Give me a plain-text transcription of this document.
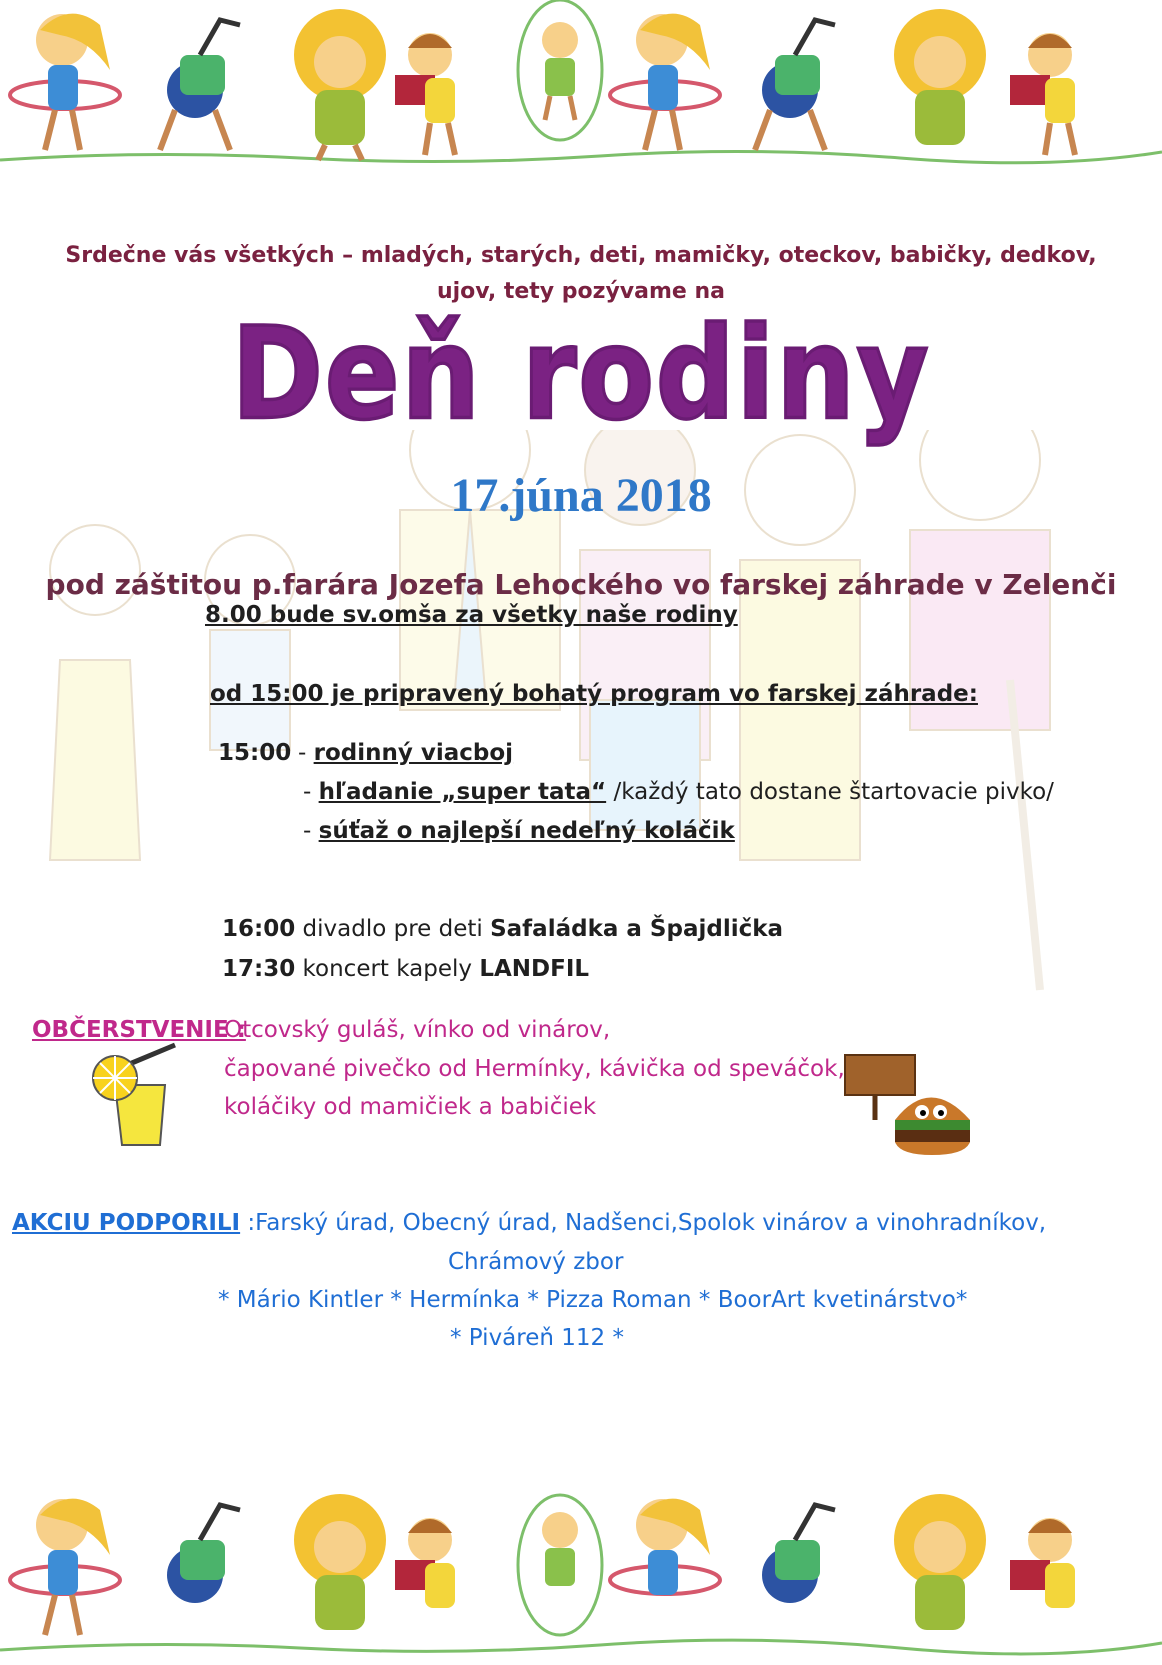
Srdečne vás všetkých – mladých, starých, deti, mamičky, oteckov, babičky, dedkov,
ujov, tety pozývame na
Deň rodiny
17.júna 2018
pod záštitou p.farára Jozefa Lehockého vo farskej záhrade v Zelenči
8.00 bude sv.omša za všetky naše rodiny
od 15:00 je pripravený bohatý program vo farskej záhrade:
15:00 - rodinný viacboj
- hľadanie „super tata“ /každý tato dostane štartovacie pivko/
- súťaž o najlepší nedeľný koláčik
16:00 divadlo pre deti Safaládka a Špajdlička
17:30 koncert kapely LANDFIL
OBČERSTVENIE :
Otcovský guláš, vínko od vinárov,
čapované pivečko od Hermínky, kávička od speváčok,
koláčiky od mamičiek a babičiek
AKCIU PODPORILI :Farský úrad, Obecný úrad, Nadšenci,Spolok vinárov a vinohradníkov,
Chrámový zbor
* Mário Kintler * Hermínka * Pizza Roman * BoorArt kvetinárstvo*
* Piváreň 112 *
